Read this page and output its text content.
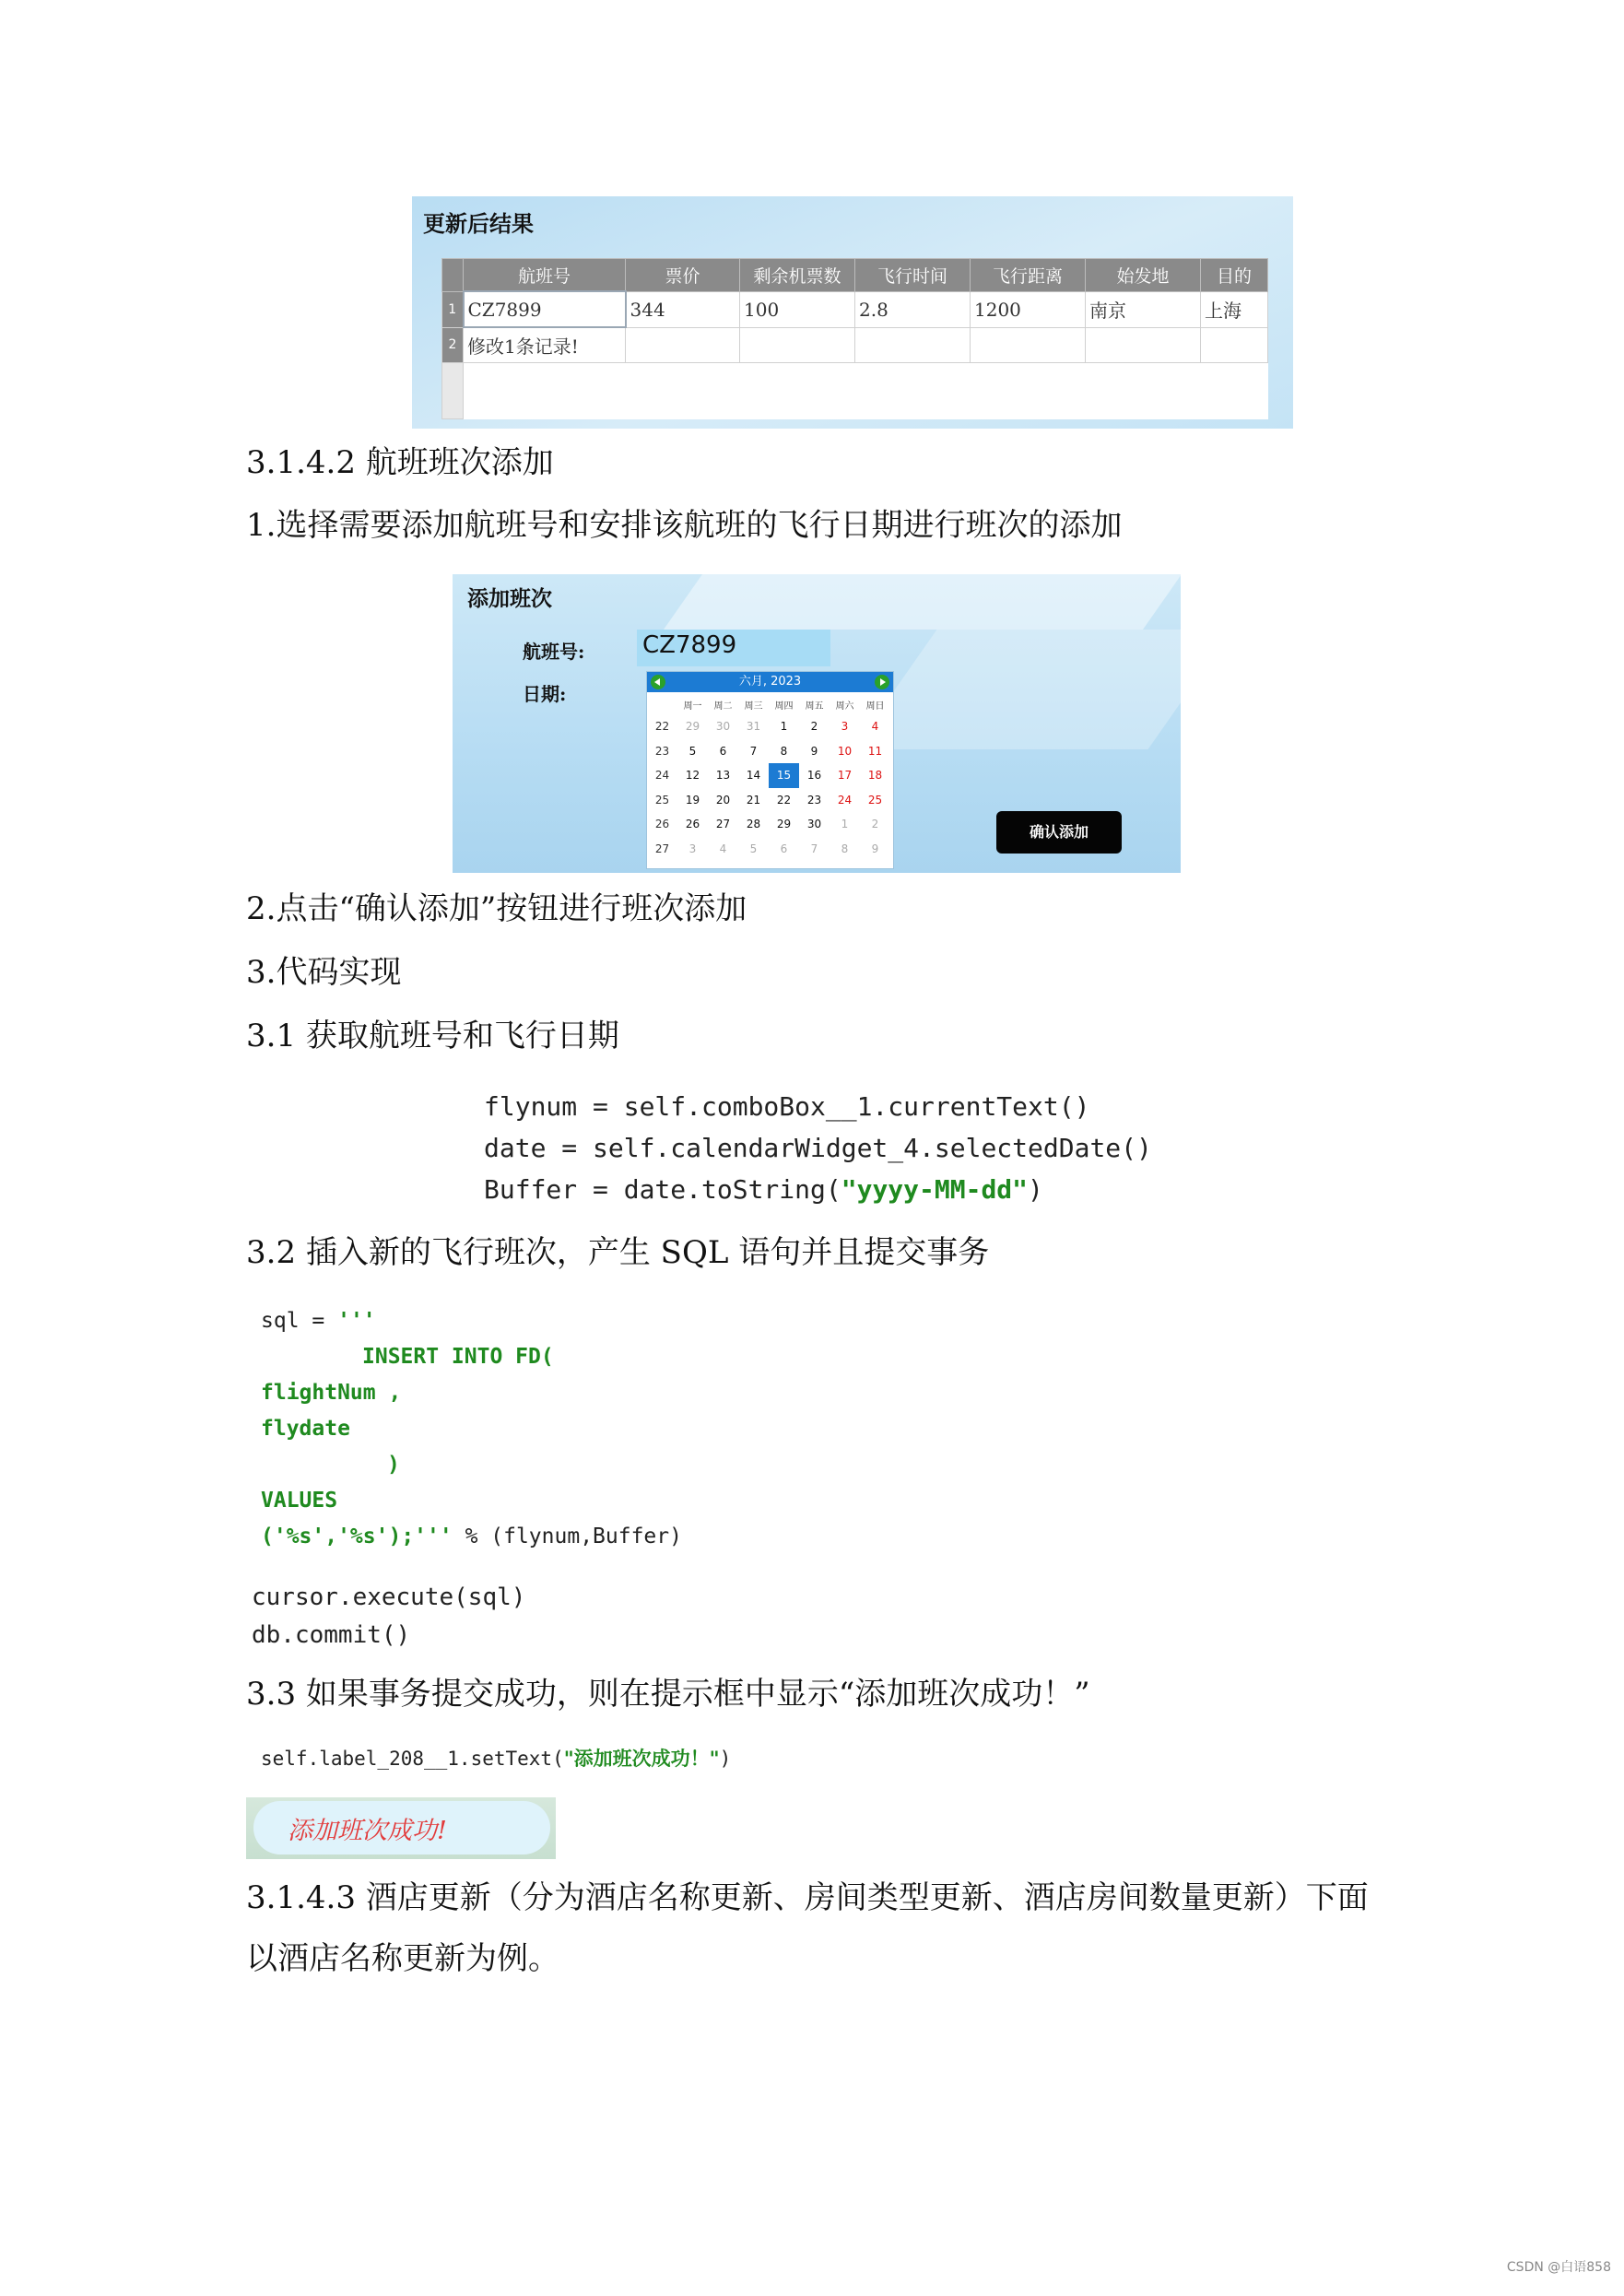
更新后结果
	航班号	票价	剩余机票数	飞行时间	飞行距离	始发地	目的
1	CZ7899	344	100	2.8	1200	南京	上海
2	修改1条记录!						

3.1.4.2 航班班次添加
1.选择需要添加航班号和安排该航班的飞行日期进行班次的添加
添加班次
航班号: CZ7899
日期:
六月, 2023
	周一	周二	周三	周四	周五	周六	周日
22	29	30	31	1	2	3	4
23	5	6	7	8	9	10	11
24	12	13	14	15	16	17	18
25	19	20	21	22	23	24	25
26	26	27	28	29	30	1	2
27	3	4	5	6	7	8	9
确认添加
2.点击“确认添加”按钮进行班次添加
3.代码实现
3.1 获取航班号和飞行日期
flynum = self.comboBox__1.currentText()
date = self.calendarWidget_4.selectedDate()
Buffer = date.toString("yyyy-MM-dd")
3.2 插入新的飞行班次，产生 SQL 语句并且提交事务
sql = '''
INSERT INTO FD(
flightNum ,
flydate
)
VALUES
('%s','%s');''' % (flynum,Buffer)
cursor.execute(sql)
db.commit()
3.3 如果事务提交成功，则在提示框中显示“添加班次成功！”
self.label_208__1.setText("添加班次成功！")
添加班次成功!
3.1.4.3 酒店更新（分为酒店名称更新、房间类型更新、酒店房间数量更新）下面
以酒店名称更新为例。
CSDN @白语858
